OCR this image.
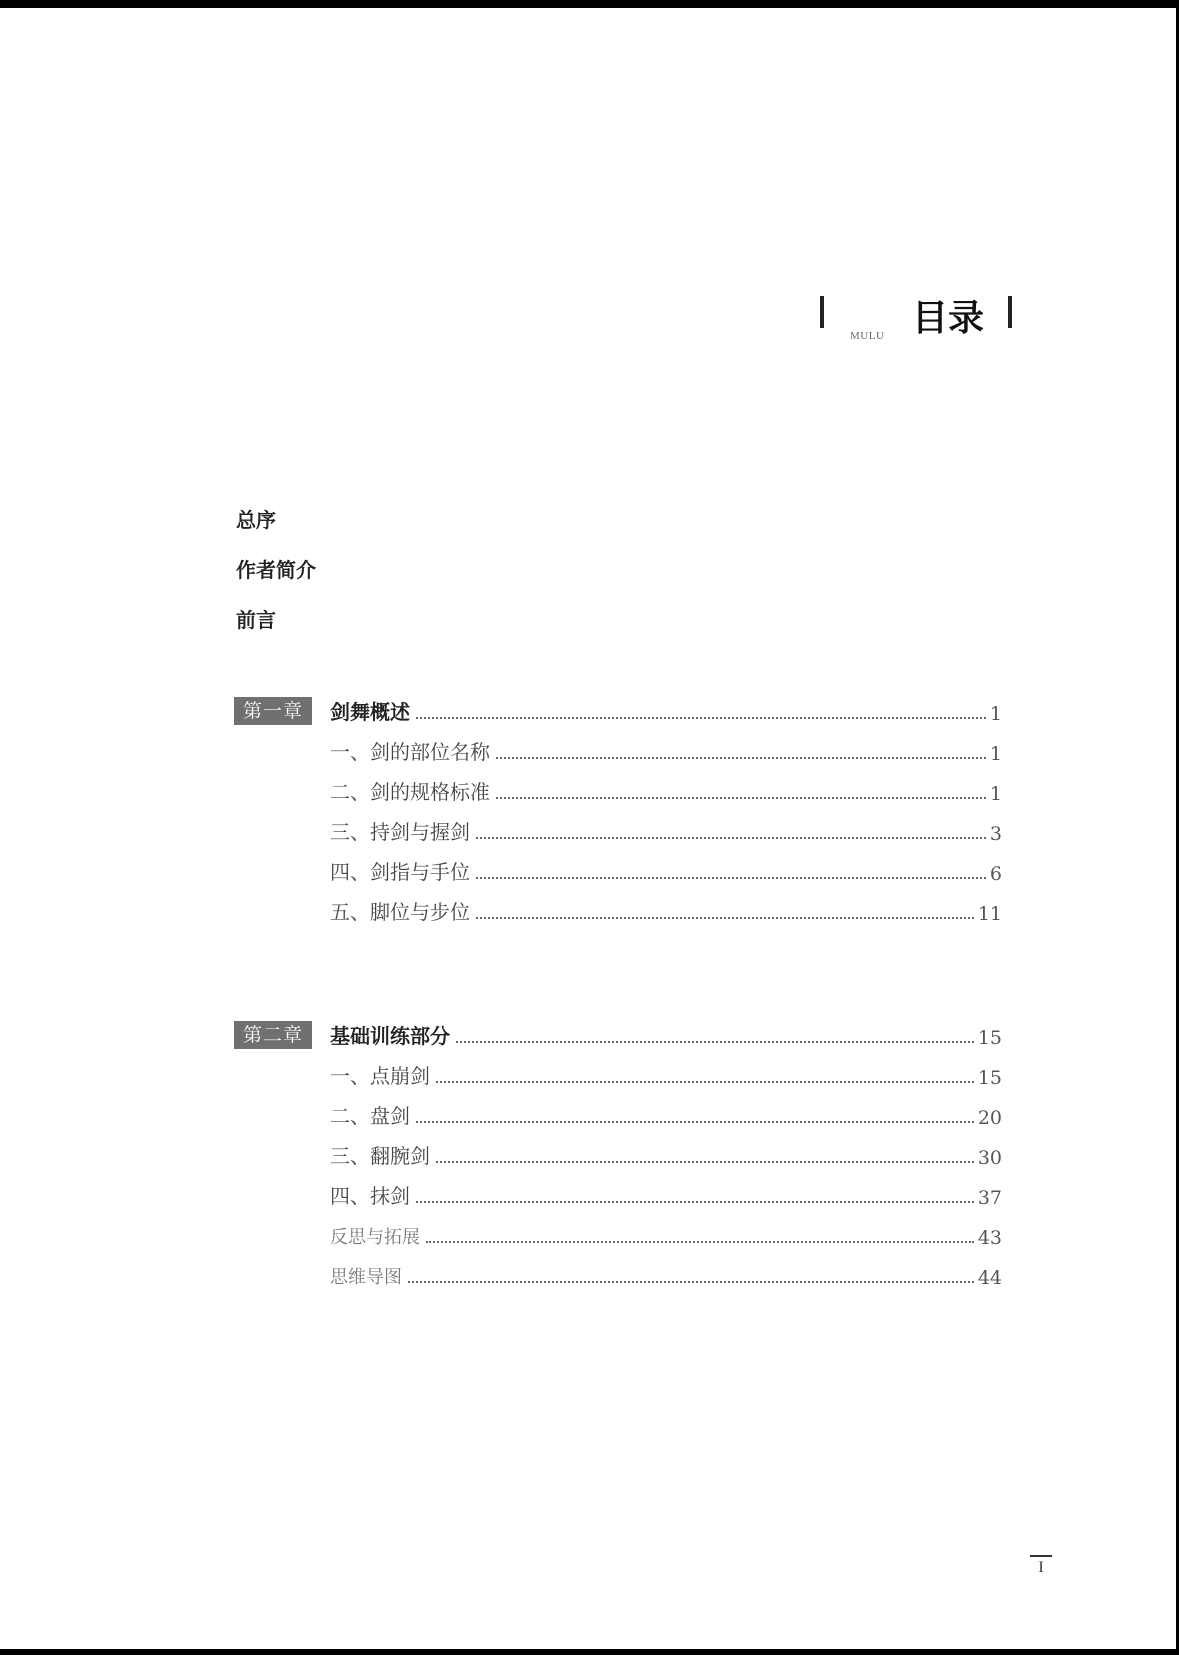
MULU 目录
总序
作者简介
前言
第一章	剑舞概述	1
一、剑的部位名称	1
二、剑的规格标准	1
三、持剑与握剑	3
四、剑指与手位	6
五、脚位与步位	11
第二章	基础训练部分	15
一、点崩剑	15
二、盘剑	20
三、翻腕剑	30
四、抹剑	37
反思与拓展	43
思维导图	44
I
